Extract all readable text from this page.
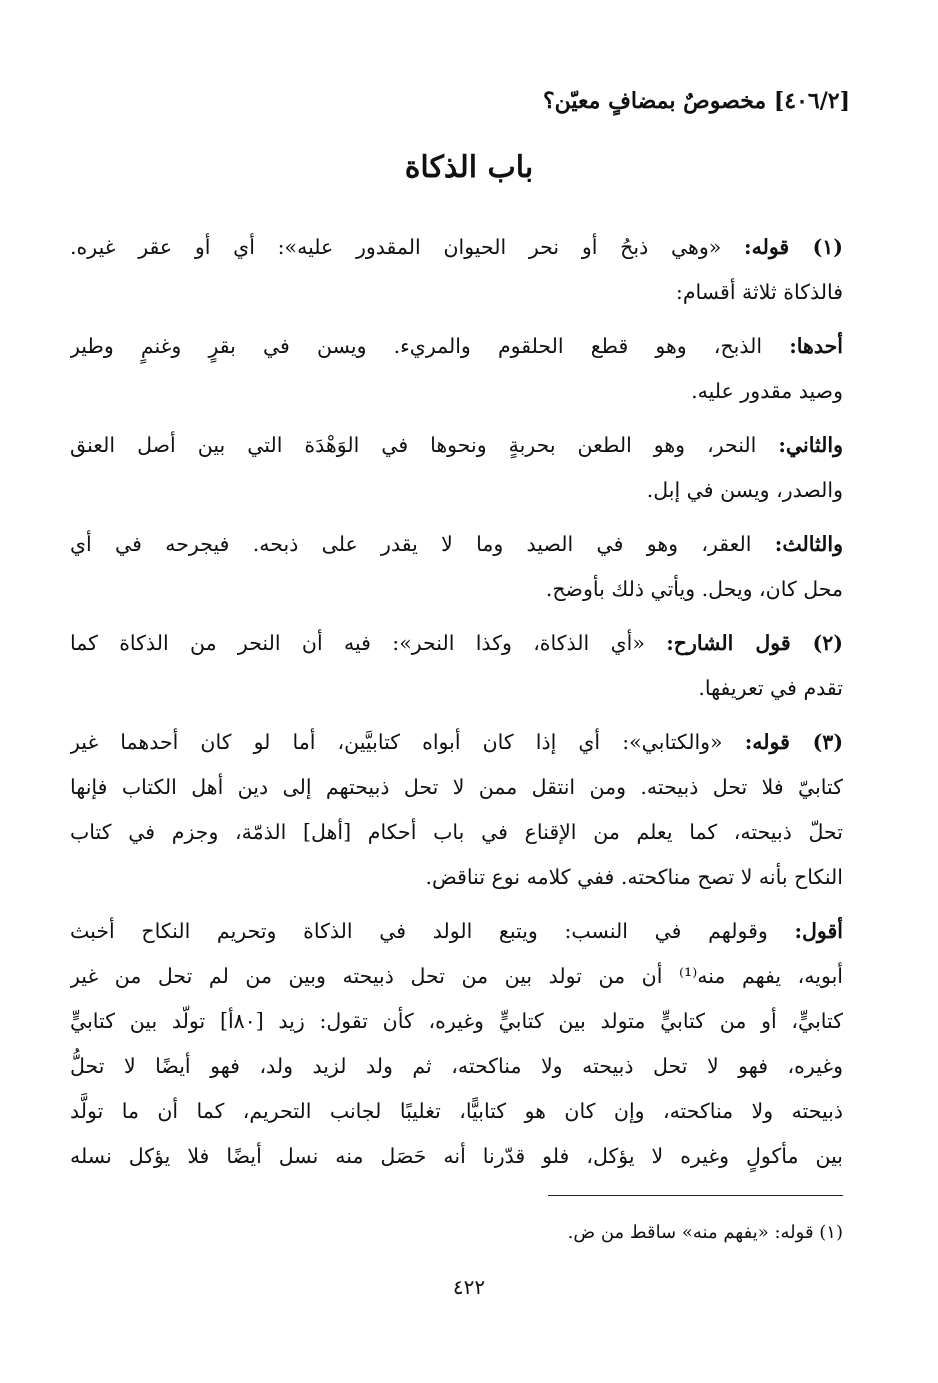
[٤٠٦/٢] مخصوصٌ بمضافٍ معيّن؟
باب الذكاة
(١) قوله: «وهي ذبحُ أو نحر الحيوان المقدور عليه»: أي أو عقر غيره.
فالذكاة ثلاثة أقسام:
أحدها: الذبح، وهو قطع الحلقوم والمريء. ويسن في بقرٍ وغنمٍ وطير
وصيد مقدور عليه.
والثاني: النحر، وهو الطعن بحربةٍ ونحوها في الوَهْدَة التي بين أصل العنق
والصدر، ويسن في إبل.
والثالث: العقر، وهو في الصيد وما لا يقدر على ذبحه. فيجرحه في أي
محل كان، ويحل. ويأتي ذلك بأوضح.
(٢) قول الشارح: «أي الذكاة، وكذا النحر»: فيه أن النحر من الذكاة كما
تقدم في تعريفها.
(٣) قوله: «والكتابي»: أي إذا كان أبواه كتابيَّين، أما لو كان أحدهما غير
كتابيّ فلا تحل ذبيحته. ومن انتقل ممن لا تحل ذبيحتهم إلى دين أهل الكتاب فإنها
تحلّ ذبيحته، كما يعلم من الإقناع في باب أحكام [أهل] الذمّة، وجزم في كتاب
النكاح بأنه لا تصح مناكحته. ففي كلامه نوع تناقض.
أقول: وقولهم في النسب: ويتبع الولد في الذكاة وتحريم النكاح أخبث
أبويه، يفهم منه⁽¹⁾ أن من تولد بين من تحل ذبيحته وبين من لم تحل من غير
كتابيٍّ، أو من كتابيٍّ متولد بين كتابيٍّ وغيره، كأن تقول: زيد [٨٠أ] تولّد بين كتابيٍّ
وغيره، فهو لا تحل ذبيحته ولا مناكحته، ثم ولد لزيد ولد، فهو أيضًا لا تحلُّ
ذبيحته ولا مناكحته، وإن كان هو كتابيًّا، تغليبًا لجانب التحريم، كما أن ما تولَّد
بين مأكولٍ وغيره لا يؤكل، فلو قدّرنا أنه حَصَل منه نسل أيضًا فلا يؤكل نسله
(١) قوله: «يفهم منه» ساقط من ض.
٤٢٢
